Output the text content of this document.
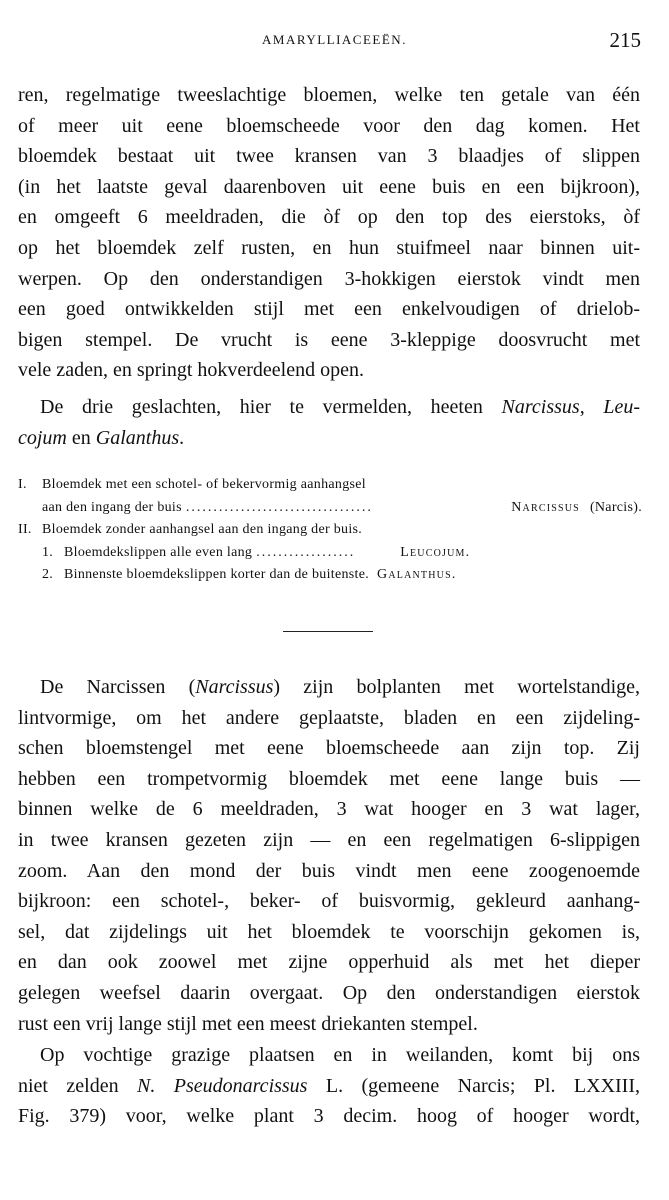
AMARYLLIACEEËN.	215
ren, regelmatige tweeslachtige bloemen, welke ten getale van één
of meer uit eene bloemscheede voor den dag komen. Het
bloemdek bestaat uit twee kransen van 3 blaadjes of slippen
(in het laatste geval daarenboven uit eene buis en een bijkroon),
en omgeeft 6 meeldraden, die òf op den top des eierstoks, òf
op het bloemdek zelf rusten, en hun stuifmeel naar binnen uit-
werpen. Op den onderstandigen 3-hokkigen eierstok vindt men
een goed ontwikkelden stijl met een enkelvoudigen of drielob-
bigen stempel. De vrucht is eene 3-kleppige doosvrucht met
vele zaden, en springt hokverdeelend open.
De drie geslachten, hier te vermelden, heeten Narcissus, Leu-
cojum en Galanthus.
I.	Bloemdek met een schotel- of bekervormig aanhangsel
aan den ingang der buis ..................................	Narcissus (Narcis).
II. Bloemdek zonder aanhangsel aan den ingang der buis.
1. Bloemdekslippen alle even lang ..................	Leucojum.
2. Binnenste bloemdekslippen korter dan de buitenste. Galanthus.
De Narcissen (Narcissus) zijn bolplanten met wortelstandige,
lintvormige, om het andere geplaatste, bladen en een zijdeling-
schen bloemstengel met eene bloemscheede aan zijn top. Zij
hebben een trompetvormig bloemdek met eene lange buis —
binnen welke de 6 meeldraden, 3 wat hooger en 3 wat lager,
in twee kransen gezeten zijn — en een regelmatigen 6-slippigen
zoom. Aan den mond der buis vindt men eene zoogenoemde
bijkroon: een schotel-, beker- of buisvormig, gekleurd aanhang-
sel, dat zijdelings uit het bloemdek te voorschijn gekomen is,
en dan ook zoowel met zijne opperhuid als met het dieper
gelegen weefsel daarin overgaat. Op den onderstandigen eierstok
rust een vrij lange stijl met een meest driekanten stempel.
Op vochtige grazige plaatsen en in weilanden, komt bij ons
niet zelden N. Pseudonarcissus L. (gemeene Narcis; Pl. LXXIII,
Fig. 379) voor, welke plant 3 decim. hoog of hooger wordt,
